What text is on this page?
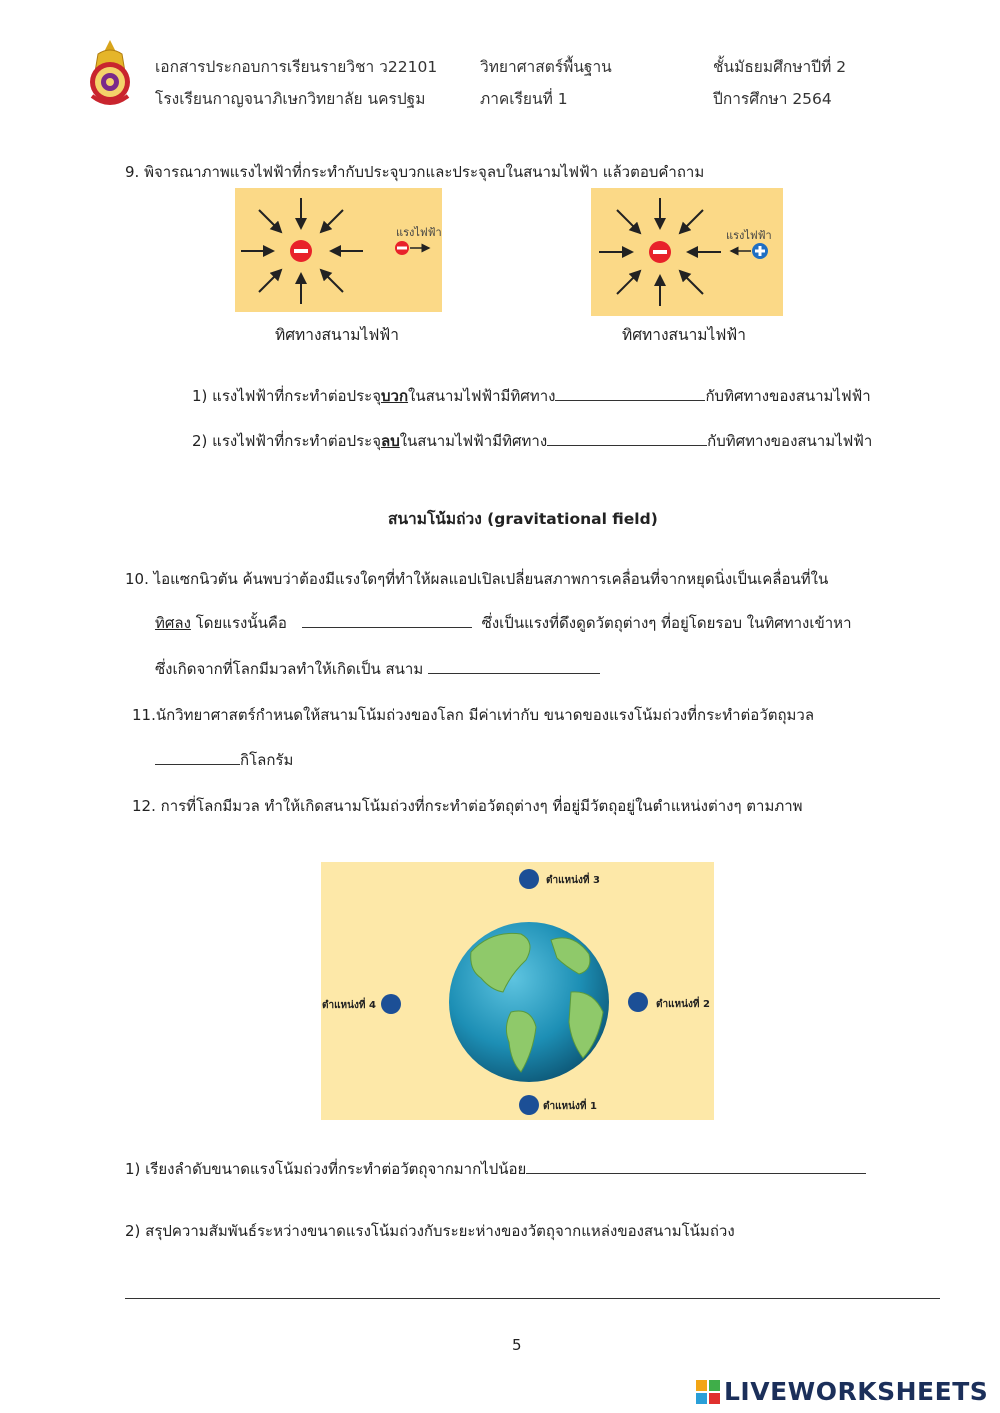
เอกสารประกอบการเรียนรายวิชา ว22101	วิทยาศาสตร์พื้นฐาน	ชั้นมัธยมศึกษาปีที่ 2
โรงเรียนกาญจนาภิเษกวิทยาลัย นครปฐม	ภาคเรียนที่ 1	ปีการศึกษา 2564
9. พิจารณาภาพแรงไฟฟ้าที่กระทำกับประจุบวกและประจุลบในสนามไฟฟ้า แล้วตอบคำถาม
แรงไฟฟ้า
ทิศทางสนามไฟฟ้า
แรงไฟฟ้า
ทิศทางสนามไฟฟ้า
1) แรงไฟฟ้าที่กระทำต่อประจุบวกในสนามไฟฟ้ามีทิศทาง	กับทิศทางของสนามไฟฟ้า
2) แรงไฟฟ้าที่กระทำต่อประจุลบในสนามไฟฟ้ามีทิศทาง	กับทิศทางของสนามไฟฟ้า
สนามโน้มถ่วง (gravitational field)
10. ไอแซกนิวตัน ค้นพบว่าต้องมีแรงใดๆที่ทำให้ผลแอปเปิลเปลี่ยนสภาพการเคลื่อนที่จากหยุดนิ่งเป็นเคลื่อนที่ใน
ทิศลง โดยแรงนั้นคือ	ซึ่งเป็นแรงที่ดึงดูดวัตถุต่างๆ ที่อยู่โดยรอบ ในทิศทางเข้าหา
ซึ่งเกิดจากที่โลกมีมวลทำให้เกิดเป็น สนาม
11.นักวิทยาศาสตร์กำหนดให้สนามโน้มถ่วงของโลก มีค่าเท่ากับ ขนาดของแรงโน้มถ่วงที่กระทำต่อวัตถุมวล
กิโลกรัม
12. การที่โลกมีมวล ทำให้เกิดสนามโน้มถ่วงที่กระทำต่อวัตถุต่างๆ ที่อยู่มีวัตถุอยู่ในตำแหน่งต่างๆ ตามภาพ
ตำแหน่งที่ 3
ตำแหน่งที่ 2
ตำแหน่งที่ 1
ตำแหน่งที่ 4
1) เรียงลำดับขนาดแรงโน้มถ่วงที่กระทำต่อวัตถุจากมากไปน้อย
2) สรุปความสัมพันธ์ระหว่างขนาดแรงโน้มถ่วงกับระยะห่างของวัตถุจากแหล่งของสนามโน้มถ่วง
5
LIVEWORKSHEETS
